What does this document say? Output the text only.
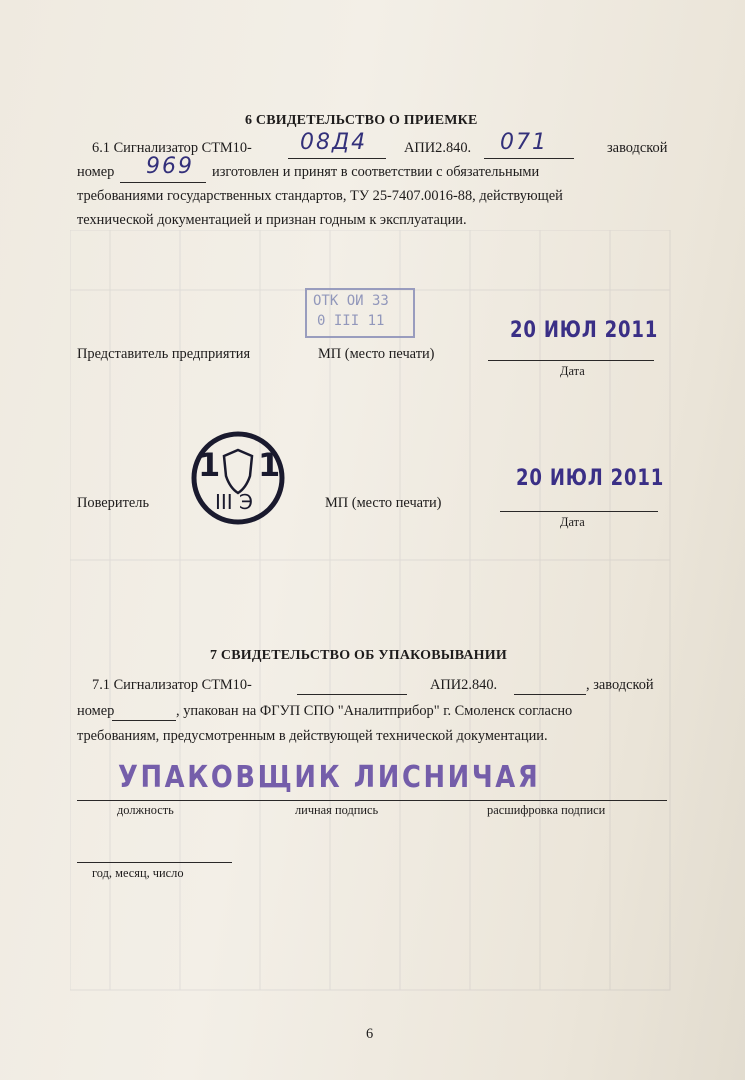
6 СВИДЕТЕЛЬСТВО О ПРИЕМКЕ
6.1 Сигнализатор СТМ10- 08Д4	АПИ2.840. 071	заводской
номер 969 изготовлен и принят в соответствии с обязательными
требованиями государственных стандартов, ТУ 25-7407.0016-88, действующей
технической документацией и признан годным к эксплуатации.
ОТК ОИ 33
0 III 11
Представитель предприятия	МП (место печати)
20 ИЮЛ 2011
Дата
1 1
III Э
Поверитель	МП (место печати)
20 ИЮЛ 2011
Дата
7 СВИДЕТЕЛЬСТВО ОБ УПАКОВЫВАНИИ
7.1 Сигнализатор СТМ10-	АПИ2.840.	, заводской
номер	, упакован на ФГУП СПО "Аналитприбор" г. Смоленск согласно
требованиям, предусмотренным в действующей технической документации.
УПАКОВЩИК ЛИСНИЧАЯ
должность	личная подпись	расшифровка подписи
год, месяц, число
6
